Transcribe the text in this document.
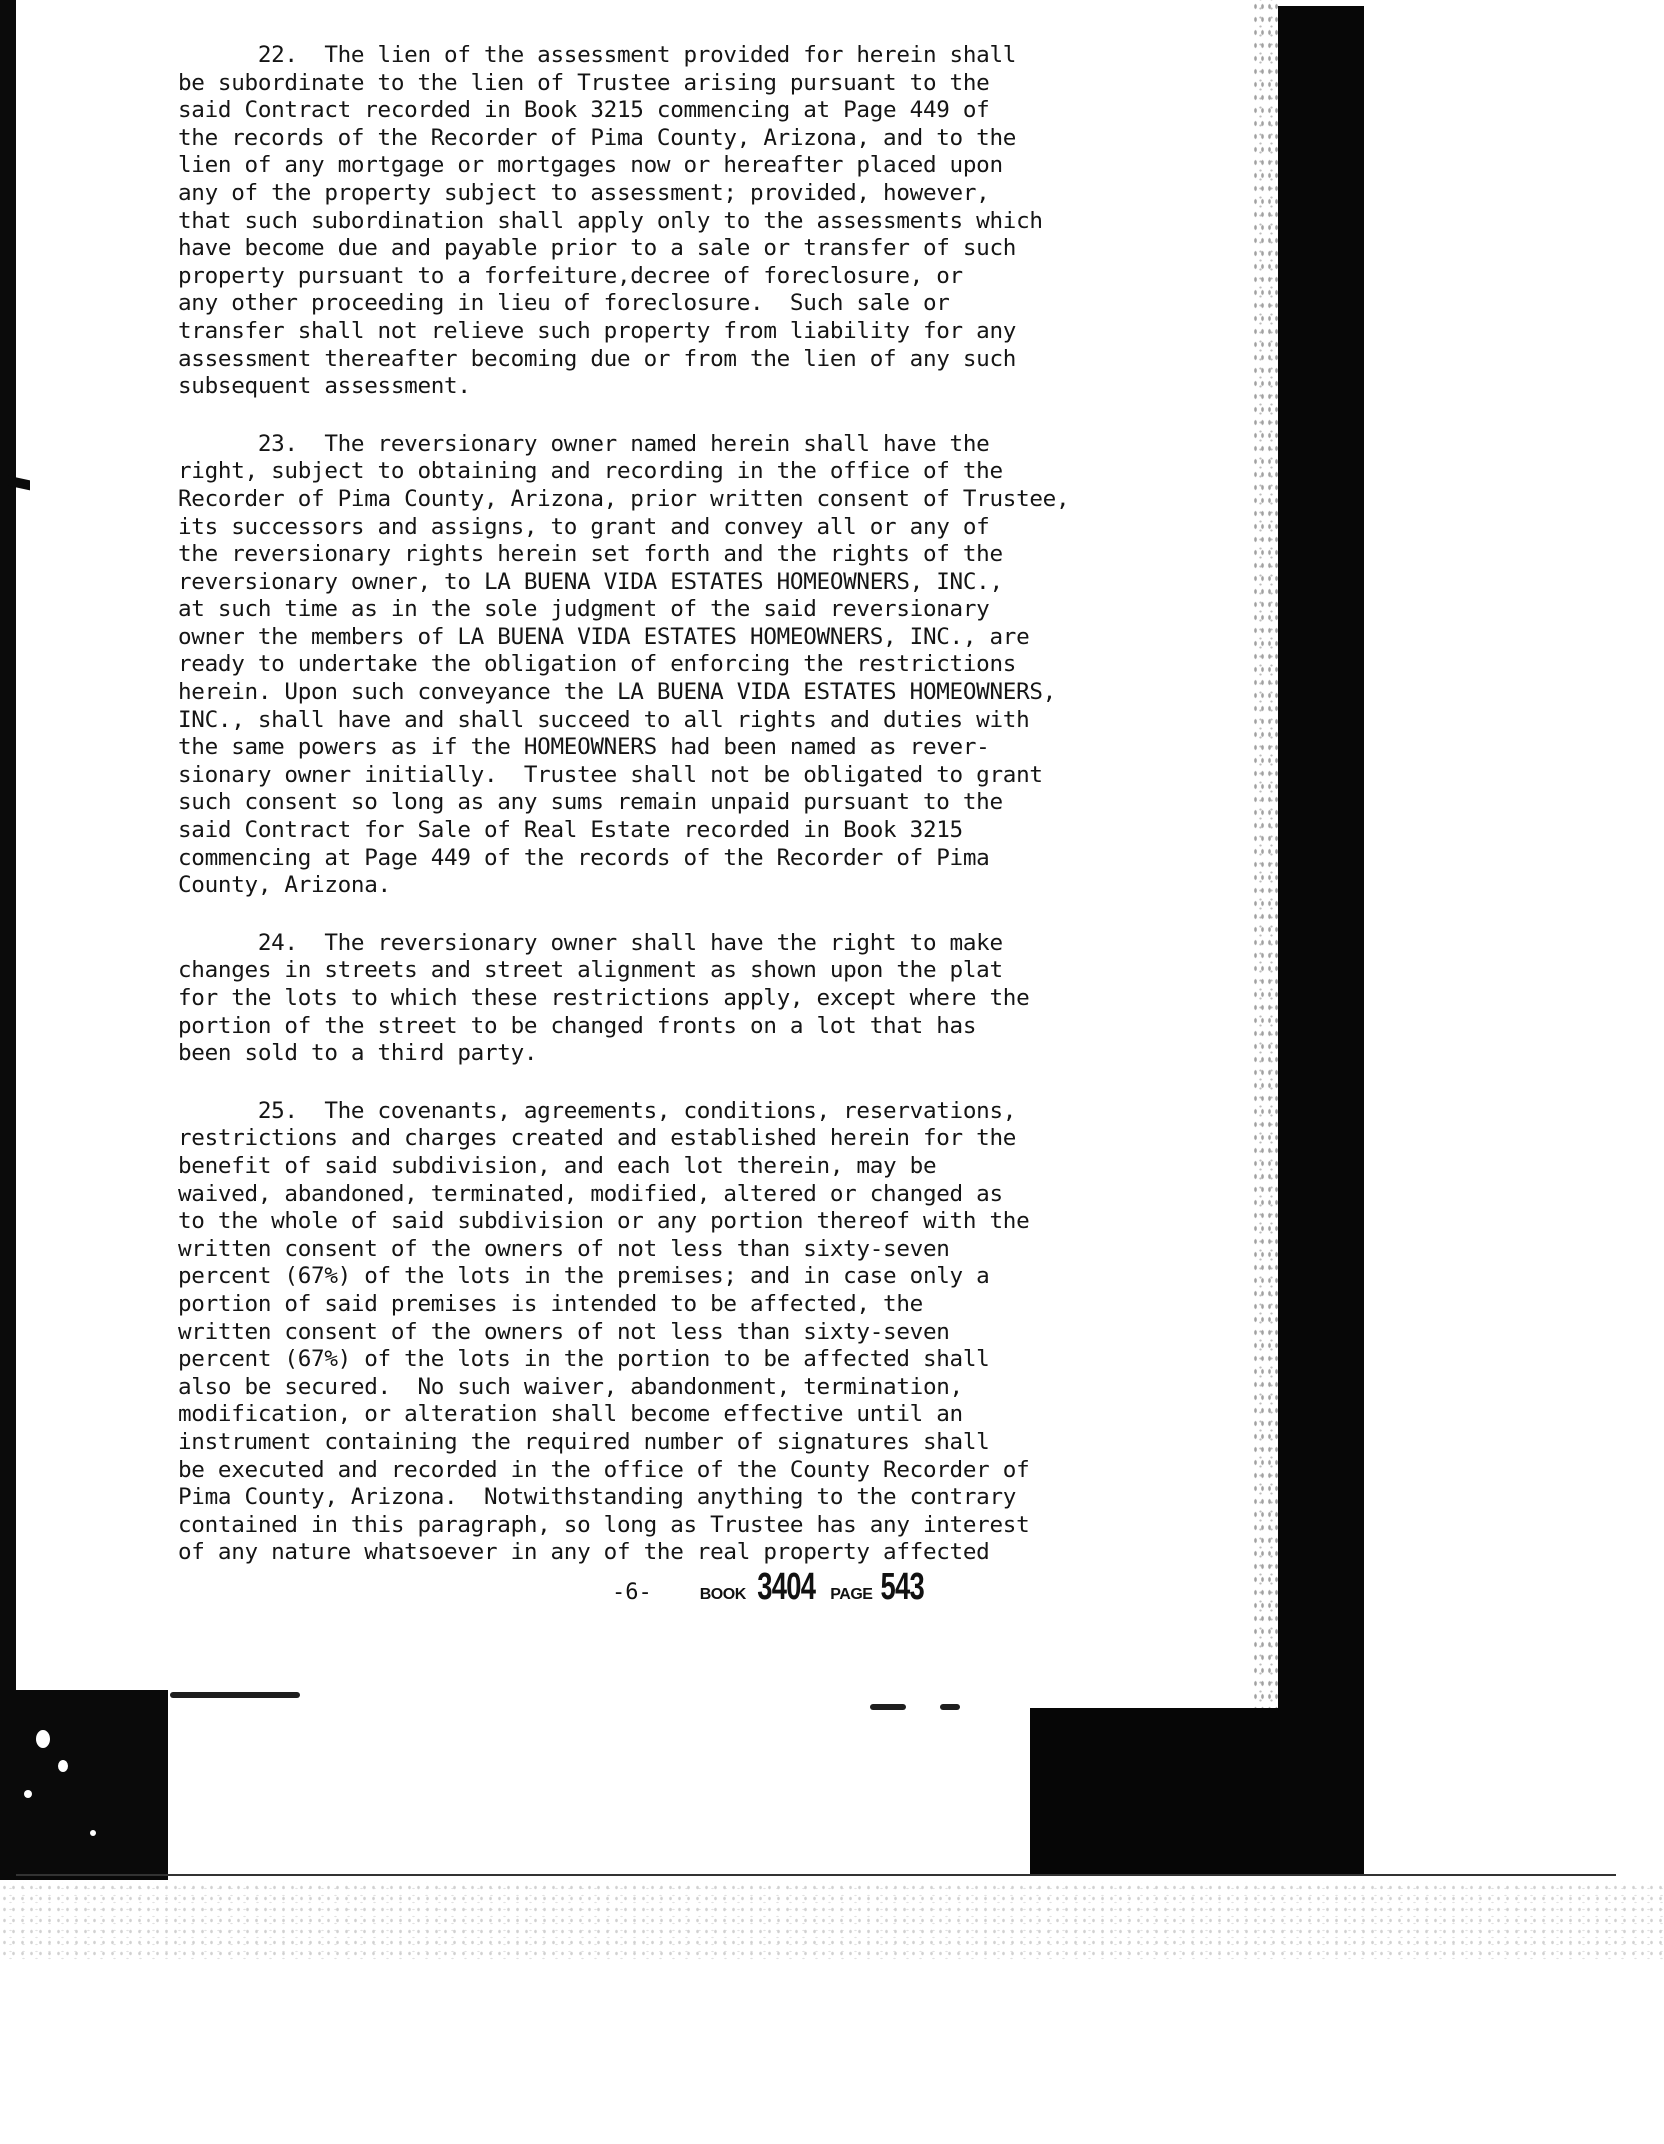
22.  The lien of the assessment provided for herein shall
be subordinate to the lien of Trustee arising pursuant to the
said Contract recorded in Book 3215 commencing at Page 449 of
the records of the Recorder of Pima County, Arizona, and to the
lien of any mortgage or mortgages now or hereafter placed upon
any of the property subject to assessment; provided, however,
that such subordination shall apply only to the assessments which
have become due and payable prior to a sale or transfer of such
property pursuant to a forfeiture,decree of foreclosure, or
any other proceeding in lieu of foreclosure.  Such sale or
transfer shall not relieve such property from liability for any
assessment thereafter becoming due or from the lien of any such
subsequent assessment.

23.  The reversionary owner named herein shall have the
right, subject to obtaining and recording in the office of the
Recorder of Pima County, Arizona, prior written consent of Trustee,
its successors and assigns, to grant and convey all or any of
the reversionary rights herein set forth and the rights of the
reversionary owner, to LA BUENA VIDA ESTATES HOMEOWNERS, INC.,
at such time as in the sole judgment of the said reversionary
owner the members of LA BUENA VIDA ESTATES HOMEOWNERS, INC., are
ready to undertake the obligation of enforcing the restrictions
herein. Upon such conveyance the LA BUENA VIDA ESTATES HOMEOWNERS,
INC., shall have and shall succeed to all rights and duties with
the same powers as if the HOMEOWNERS had been named as rever-
sionary owner initially.  Trustee shall not be obligated to grant
such consent so long as any sums remain unpaid pursuant to the
said Contract for Sale of Real Estate recorded in Book 3215
commencing at Page 449 of the records of the Recorder of Pima
County, Arizona.

24.  The reversionary owner shall have the right to make
changes in streets and street alignment as shown upon the plat
for the lots to which these restrictions apply, except where the
portion of the street to be changed fronts on a lot that has
been sold to a third party.

25.  The covenants, agreements, conditions, reservations,
restrictions and charges created and established herein for the
benefit of said subdivision, and each lot therein, may be
waived, abandoned, terminated, modified, altered or changed as
to the whole of said subdivision or any portion thereof with the
written consent of the owners of not less than sixty-seven
percent (67%) of the lots in the premises; and in case only a
portion of said premises is intended to be affected, the
written consent of the owners of not less than sixty-seven
percent (67%) of the lots in the portion to be affected shall
also be secured.  No such waiver, abandonment, termination,
modification, or alteration shall become effective until an
instrument containing the required number of signatures shall
be executed and recorded in the office of the County Recorder of
Pima County, Arizona.  Notwithstanding anything to the contrary
contained in this paragraph, so long as Trustee has any interest
of any nature whatsoever in any of the real property affected

-6-	BOOK 3404 PAGE 543
